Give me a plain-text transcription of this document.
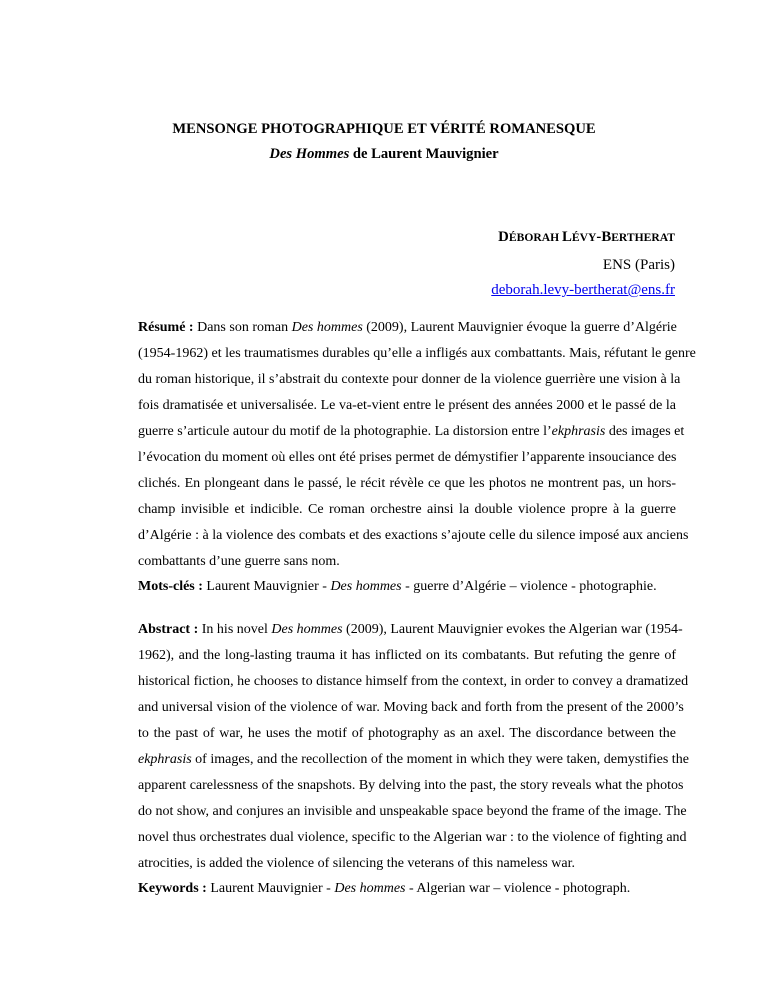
MENSONGE PHOTOGRAPHIQUE ET VÉRITÉ ROMANESQUE
Des Hommes de Laurent Mauvignier
DÉBORAH LÉVY-BERTHERAT
ENS (Paris)
deborah.levy-bertherat@ens.fr
Résumé : Dans son roman Des hommes (2009), Laurent Mauvignier évoque la guerre d’Algérie
(1954-1962) et les traumatismes durables qu’elle a infligés aux combattants. Mais, réfutant le genre
du roman historique, il s’abstrait du contexte pour donner de la violence guerrière une vision à la
fois dramatisée et universalisée. Le va-et-vient entre le présent des années 2000 et le passé de la
guerre s’articule autour du motif de la photographie. La distorsion entre l’ekphrasis des images et
l’évocation du moment où elles ont été prises permet de démystifier l’apparente insouciance des
clichés. En plongeant dans le passé, le récit révèle ce que les photos ne montrent pas, un hors-
champ invisible et indicible. Ce roman orchestre ainsi la double violence propre à la guerre
d’Algérie : à la violence des combats et des exactions s’ajoute celle du silence imposé aux anciens
combattants d’une guerre sans nom.
Mots-clés : Laurent Mauvignier - Des hommes - guerre d’Algérie – violence - photographie.
Abstract : In his novel Des hommes (2009), Laurent Mauvignier evokes the Algerian war (1954-
1962), and the long-lasting trauma it has inflicted on its combatants. But refuting the genre of
historical fiction, he chooses to distance himself from the context, in order to convey a dramatized
and universal vision of the violence of war. Moving back and forth from the present of the 2000’s
to the past of war, he uses the motif of photography as an axel. The discordance between the
ekphrasis of images, and the recollection of the moment in which they were taken, demystifies the
apparent carelessness of the snapshots. By delving into the past, the story reveals what the photos
do not show, and conjures an invisible and unspeakable space beyond the frame of the image. The
novel thus orchestrates dual violence, specific to the Algerian war : to the violence of fighting and
atrocities, is added the violence of silencing the veterans of this nameless war.
Keywords : Laurent Mauvignier - Des hommes - Algerian war – violence - photograph.
